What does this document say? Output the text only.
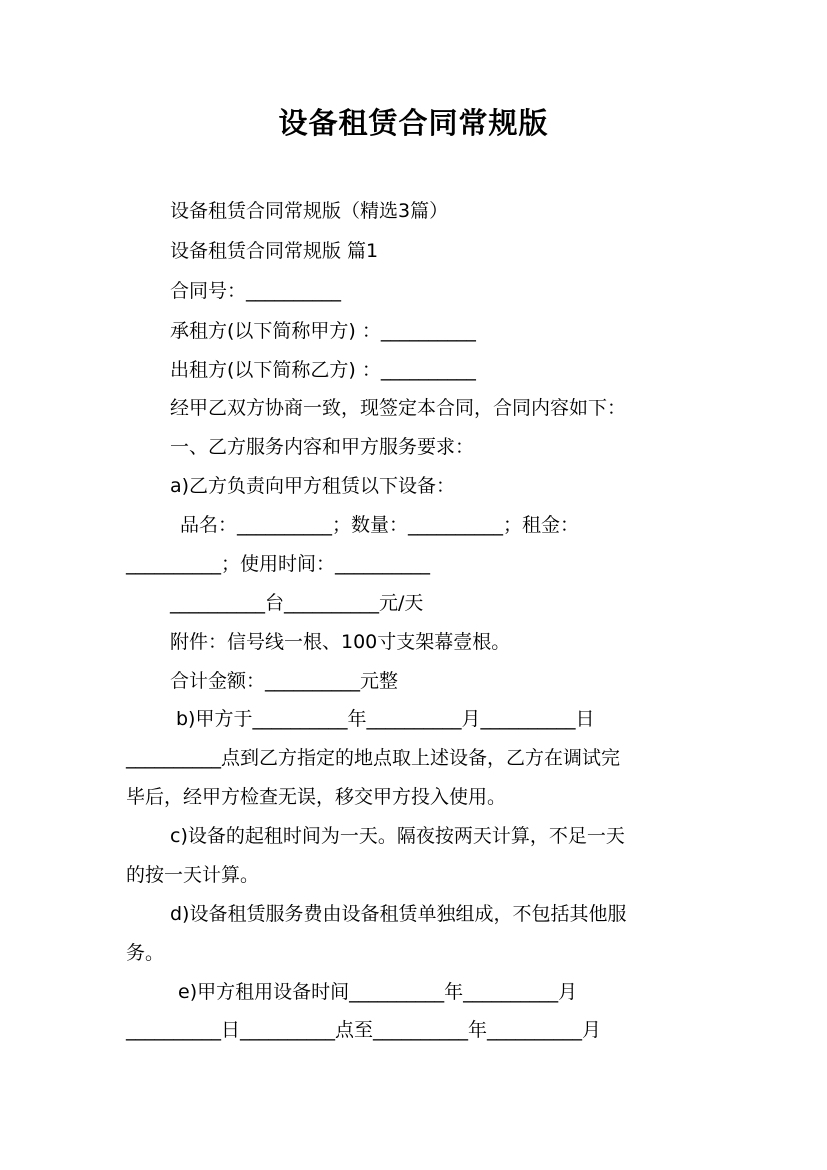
设备租赁合同常规版
设备租赁合同常规版（精选3篇）
设备租赁合同常规版 篇1
合同号：__________
承租方(以下简称甲方) ：__________
出租方(以下简称乙方) ：__________
经甲乙双方协商一致，现签定本合同，合同内容如下：
一、乙方服务内容和甲方服务要求：
a)乙方负责向甲方租赁以下设备：
品名：__________；数量：__________；租金：
__________；使用时间：__________
__________台__________元/天
附件：信号线一根、100寸支架幕壹根。
合计金额：__________元整
b)甲方于__________年__________月__________日
__________点到乙方指定的地点取上述设备，乙方在调试完
毕后，经甲方检查无误，移交甲方投入使用。
c)设备的起租时间为一天。隔夜按两天计算，不足一天
的按一天计算。
d)设备租赁服务费由设备租赁单独组成，不包括其他服
务。
e)甲方租用设备时间__________年__________月
__________日__________点至__________年__________月
